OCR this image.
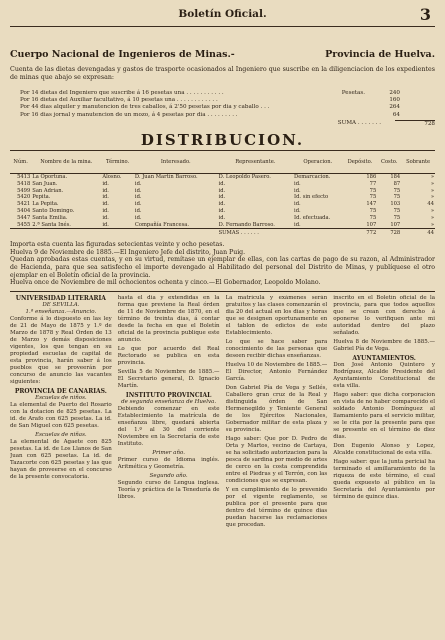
Boletín Oficial.	3
Cuerpo Nacional de Ingenieros de Minas.-	Provincia de Huelva.
Cuenta de las dietas devengadas y gastos de trasporte ocasionados al Ingeniero que suscribe en la diligenciacion de los expedientes de minas que abajo se expresan:
Pesetas.
Por 14 dietas del Ingeniero que suscribe á 16 pesetas una . . . . . . . . . . .	240
Por 16 dietas del Auxiliar facultativo, á 10 pesetas una . . . . . . . . . . . .	160
Por 44 dias alquiler y manutencion de tres caballos, á 2'50 pesetas por dia y caballo . . .	264
Por 16 dias jornal y manutencion de un mozo, á 4 pesetas por dia . . . . . . . . .	64
SUMA . . . . . . .	728
DISTRIBUCION.
Núm.	Nombre de la mina.	Término.	Interesado.	Representante.	Operacion.	Depósito.	Costo.	Sobrante
5413	La Oportuna.	Alosno.	D. Juan Martín Barroso.	D. Leopoldo Pasero.	Demarcacion.	186	184	»
5418	San Juan.	id.	id.	id.	id.	77	87	»
5499	San Adrian.	id.	id.	id.	id.	75	75	»
5420	Pepita.	id.	id.	id.	Id. sin efecto	75	75	»
5421	La Pepita.	id.	id.	id.	id.	147	103	44
5404	Santo Domingo.	id.	id.	id.	id.	75	75	»
5447	Santa Emilia.	id.	id.	id.	Id. efectuada.	75	75	»
5455	2.ª Santa Inés.	id.	Compañía Francesa.	D. Fernando Barroso.	id.	107	107	»
				SUMAS . . . . . .		772	728	44
Importa esta cuenta las figuradas setecientas veinte y ocho pesetas.
Huelva 9 de Noviembre de 1885.—El Ingeniero Jefe del distrito, Juan Puig.
Quedan aprobadas estas cuentas, y en su virtud, remítase un ejemplar de ellas, con las cartas de pago de su razon, al Administrador de Hacienda, para que sea satisfecho el importe devengado al Habilitado del personal del Distrito de Minas, y publíquese el otro ejemplar en el Boletín oficial de la provincia.
Huelva once de Noviembre de mil ochocientos ochenta y cinco.—El Gobernador, Leopoldo Molano.
UNIVERSIDAD LITERARIA
DE SEVILLA.
1.ª enseñanza.—Anuncio.

Conforme á lo dispuesto en las ley de 21 de Mayo de 1875 y 1.º de Marzo de 1878 y Real Órden de 13 de Marzo y demás disposiciones vigentes, los que tengan en su propiedad escuelas de capital de esta provincia, harán saber á los pueblos que se proveerán por concurso de anuncio las vacantes siguientes:

PROVINCIA DE CANARIAS.
Escuelas de niños.

La elemental de Puerto del Rosario con la dotacion de 825 pesetas. La id. de Arafo con 625 pesetas. La id. de San Miguel con 625 pesetas.

Escuelas de niñas.

La elemental de Agaete con 825 pesetas. La id. de Los Llanos de San Juan con 625 pesetas. La id. de Tazacorte con 625 pesetas y las que hayan de proveerse en el concurso de la presente convocatoria.

hasta el dia y extendidas en la forma que previene la Real órden de 11 de Noviembre de 1870, en el término de treinta dias, á contar desde la fecha en que el Boletín oficial de la provincia publique este anuncio.

Lo que por acuerdo del Real Rectorado se publica en esta provincia.

Sevilla 5 de Noviembre de 1885.—El Secretario general, D. Ignacio Martín.

INSTITUTO PROVINCIAL
de segunda enseñanza de Huelva.

Debiendo comenzar en este Establecimiento la matrícula de enseñanza libre, quedará abierta del 1.º al 30 del corriente Noviembre en la Secretaría de este Instituto.

Primer año.

Primer curso de Idioma inglés. Aritmética y Geometría.

Segundo año.

Segundo curso de Lengua inglesa. Teoría y práctica de la Teneduría de libros.

La matrícula y exámenes serán gratuitos y las clases comenzarán el dia 20 del actual en los dias y horas que se designen oportunamente en el tablon de edictos de este Establecimiento.

Lo que se hace saber para conocimiento de las personas que deseen recibir dichas enseñanzas.

Huelva 10 de Noviembre de 1885.—El Director, Antonio Fernández García.

Don Gabriel Pía de Vega y Sellés, Caballero gran cruz de la Real y distinguida órden de San Hermenegildo y Teniente General de los Ejércitos Nacionales, Gobernador militar de esta plaza y su provincia.

Hago saber: Que por D. Pedro de Orta y Martos, vecino de Cartaya, se ha solicitado autorizacion para la pesca de sardina por medio de artes de cerco en la costa comprendida entre el Piedras y el Terrón, con las condiciones que se expresan.

Y en cumplimiento de lo prevenido por el vigente reglamento, se publica por el presente para que dentro del término de quince dias puedan hacerse las reclamaciones que procedan.

inscrito en el Boletín oficial de la provincia, para que todos aquellos que se crean con derecho á oponerse lo verifiquen ante mi autoridad dentro del plazo señalado.

Huelva 8 de Noviembre de 1885.—Gabriel Pía de Vega.

AYUNTAMIENTOS.

Don José Antonio Quintero y Rodríguez, Alcalde Presidente del Ayuntamiento Constitucional de esta villa.

Hago saber: que dicha corporacion en vista de no haber comparecido el soldado Antonio Domínguez al llamamiento para el servicio militar, se le cita por la presente para que se presente en el término de diez dias.

Don Eugenio Alonso y Lopez, Alcalde constitucional de esta villa.

Hago saber: que la junta pericial ha terminado el amillaramiento de la riqueza de este término, el cual queda expuesto al público en la Secretaría del Ayuntamiento por término de quince dias.
